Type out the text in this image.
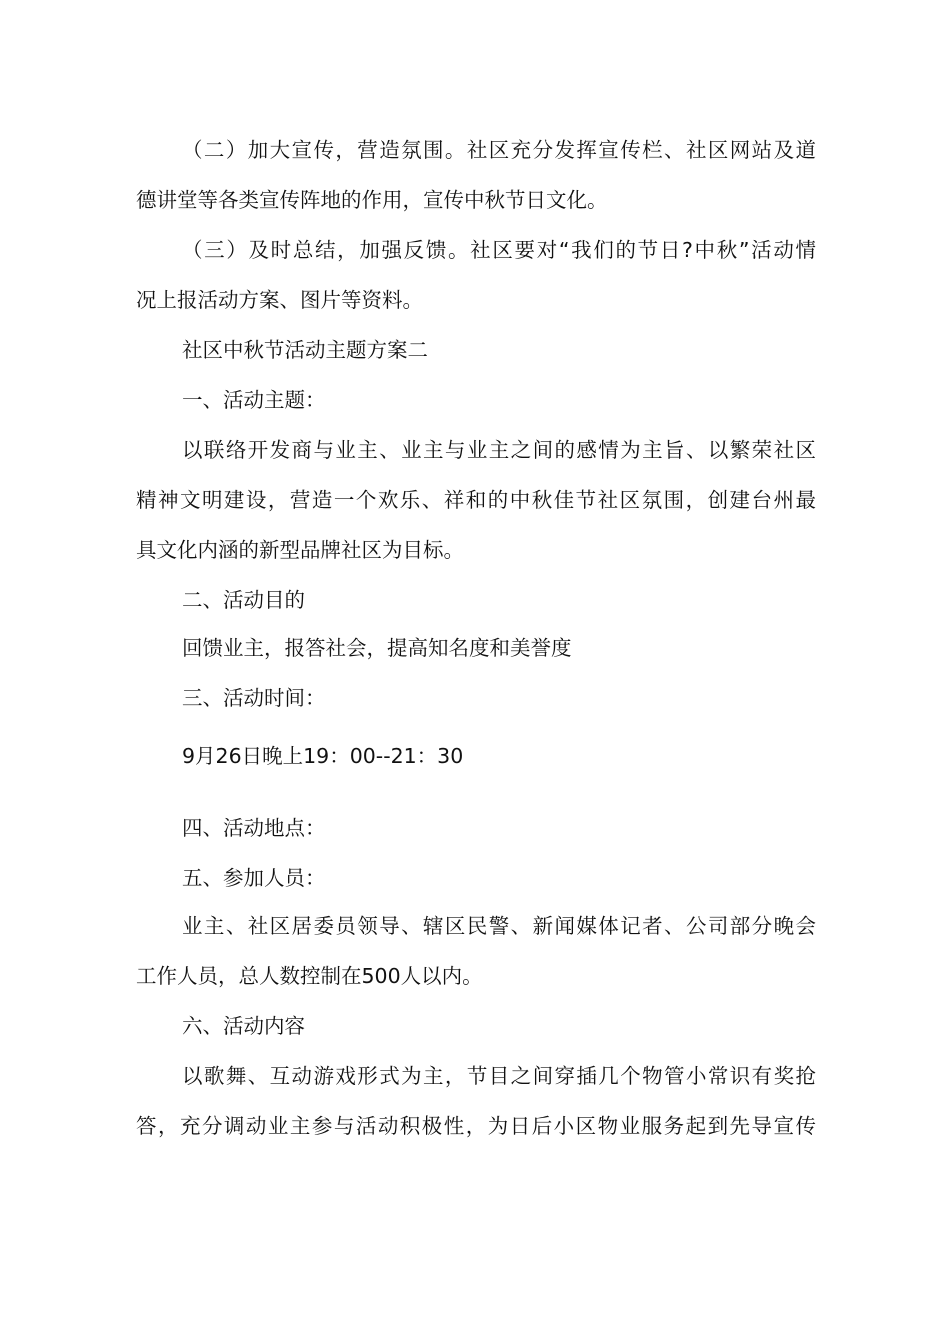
（二）加大宣传，营造氛围。社区充分发挥宣传栏、社区网站及道
德讲堂等各类宣传阵地的作用，宣传中秋节日文化。
（三）及时总结，加强反馈。社区要对“我们的节日?中秋”活动情
况上报活动方案、图片等资料。
社区中秋节活动主题方案二
一、活动主题：
以联络开发商与业主、业主与业主之间的感情为主旨、以繁荣社区
精神文明建设，营造一个欢乐、祥和的中秋佳节社区氛围，创建台州最
具文化内涵的新型品牌社区为目标。
二、活动目的
回馈业主，报答社会，提高知名度和美誉度
三、活动时间：
9月26日晚上19：00--21：30
四、活动地点：
五、参加人员：
业主、社区居委员领导、辖区民警、新闻媒体记者、公司部分晚会
工作人员，总人数控制在500人以内。
六、活动内容
以歌舞、互动游戏形式为主，节目之间穿插几个物管小常识有奖抢
答，充分调动业主参与活动积极性，为日后小区物业服务起到先导宣传
